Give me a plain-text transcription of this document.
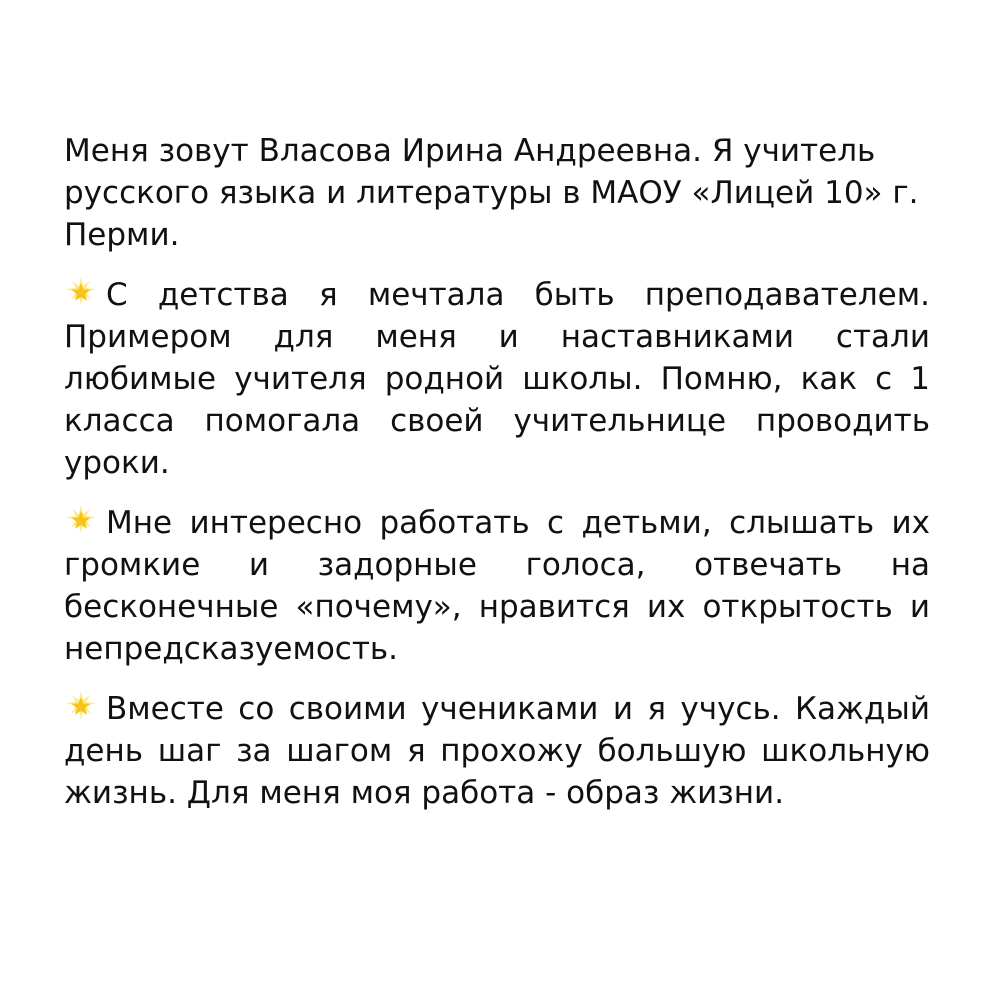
Меня зовут Власова Ирина Андреевна. Я учитель русского языка и литературы в МАОУ «Лицей 10» г. Перми.

С детства я мечтала быть преподавателем. Примером для меня и наставниками стали любимые учителя родной школы. Помню, как с 1 класса помогала своей учительнице проводить уроки.

Мне интересно работать с детьми, слышать их громкие и задорные голоса, отвечать на бесконечные «почему», нравится их открытость и непредсказуемость.

Вместе со своими учениками и я учусь. Каждый день шаг за шагом я прохожу большую школьную жизнь. Для меня моя работа - образ жизни.
